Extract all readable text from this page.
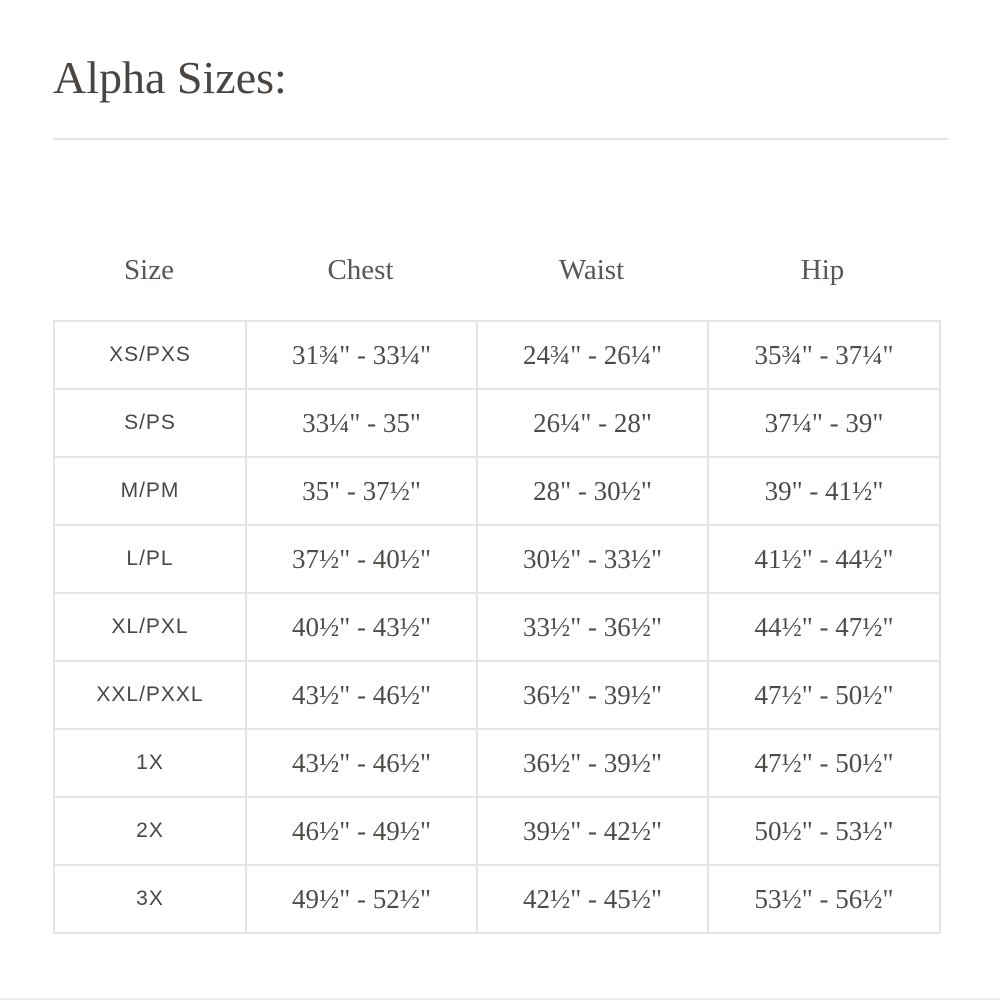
Alpha Sizes:
Size	Chest	Waist	Hip
XS/PXS	31¾" - 33¼"	24¾" - 26¼"	35¾" - 37¼"
S/PS	33¼" - 35"	26¼" - 28"	37¼" - 39"
M/PM	35" - 37½"	28" - 30½"	39" - 41½"
L/PL	37½" - 40½"	30½" - 33½"	41½" - 44½"
XL/PXL	40½" - 43½"	33½" - 36½"	44½" - 47½"
XXL/PXXL	43½" - 46½"	36½" - 39½"	47½" - 50½"
1X	43½" - 46½"	36½" - 39½"	47½" - 50½"
2X	46½" - 49½"	39½" - 42½"	50½" - 53½"
3X	49½" - 52½"	42½" - 45½"	53½" - 56½"
